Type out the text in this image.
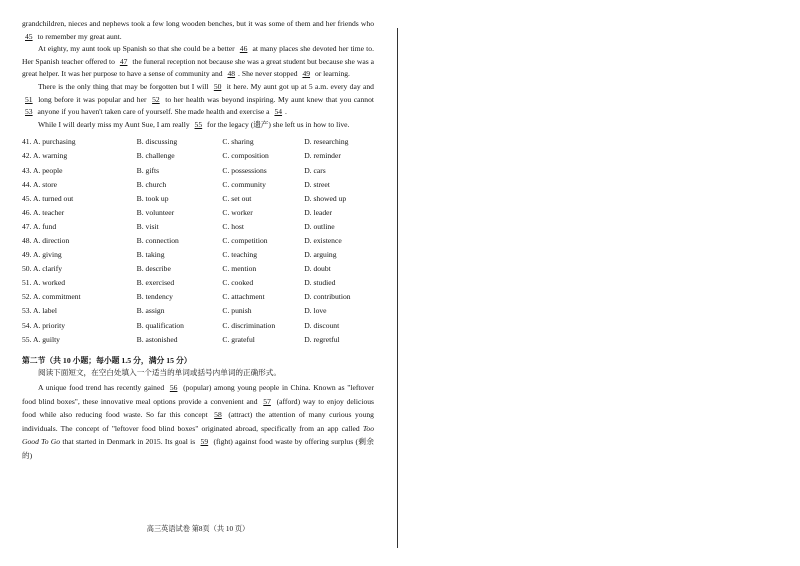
grandchildren, nieces and nephews took a few long wooden benches, but it was some of them and her friends who 45 to remember my great aunt.

At eighty, my aunt took up Spanish so that she could be a better 46 at many places she devoted her time to. Her Spanish teacher offered to 47 the funeral reception not because she was a great student but because she was a great helper. It was her purpose to have a sense of community and 48 . She never stopped 49 or learning.

There is the only thing that may be forgotten but I will 50 it here. My aunt got up at 5 a.m. every day and 51 long before it was popular and her 52 to her health was beyond inspiring. My aunt knew that you cannot 53 anyone if you haven't taken care of yourself. She made health and exercise a 54 .

While I will dearly miss my Aunt Sue, I am really 55 for the legacy (遗产) she left us in how to live.

41. A. purchasing	B. discussing	C. sharing	D. researching
42. A. warning	B. challenge	C. composition	D. reminder
43. A. people	B. gifts	C. possessions	D. cars
44. A. store	B. church	C. community	D. street
45. A. turned out	B. took up	C. set out	D. showed up
46. A. teacher	B. volunteer	C. worker	D. leader
47. A. fund	B. visit	C. host	D. outline
48. A. direction	B. connection	C. competition	D. existence
49. A. giving	B. taking	C. teaching	D. arguing
50. A. clarify	B. describe	C. mention	D. doubt
51. A. worked	B. exercised	C. cooked	D. studied
52. A. commitment	B. tendency	C. attachment	D. contribution
53. A. label	B. assign	C. punish	D. love
54. A. priority	B. qualification	C. discrimination	D. discount
55. A. guilty	B. astonished	C. grateful	D. regretful
第二节（共 10 小题；每小题 1.5 分，满分 15 分）
阅读下面短文，在空白处填入一个适当的单词或括号内单词的正确形式。

A unique food trend has recently gained 56 (popular) among young people in China. Known as "leftover food blind boxes", these innovative meal options provide a convenient and 57 (afford) way to enjoy delicious food while also reducing food waste. So far this concept 58 (attract) the attention of many curious young individuals. The concept of "leftover food blind boxes" originated abroad, specifically from an app called Too Good To Go that started in Denmark in 2015. Its goal is 59 (fight) against food waste by offering surplus (剩余的)

高三英语试卷 第8页（共 10 页）
